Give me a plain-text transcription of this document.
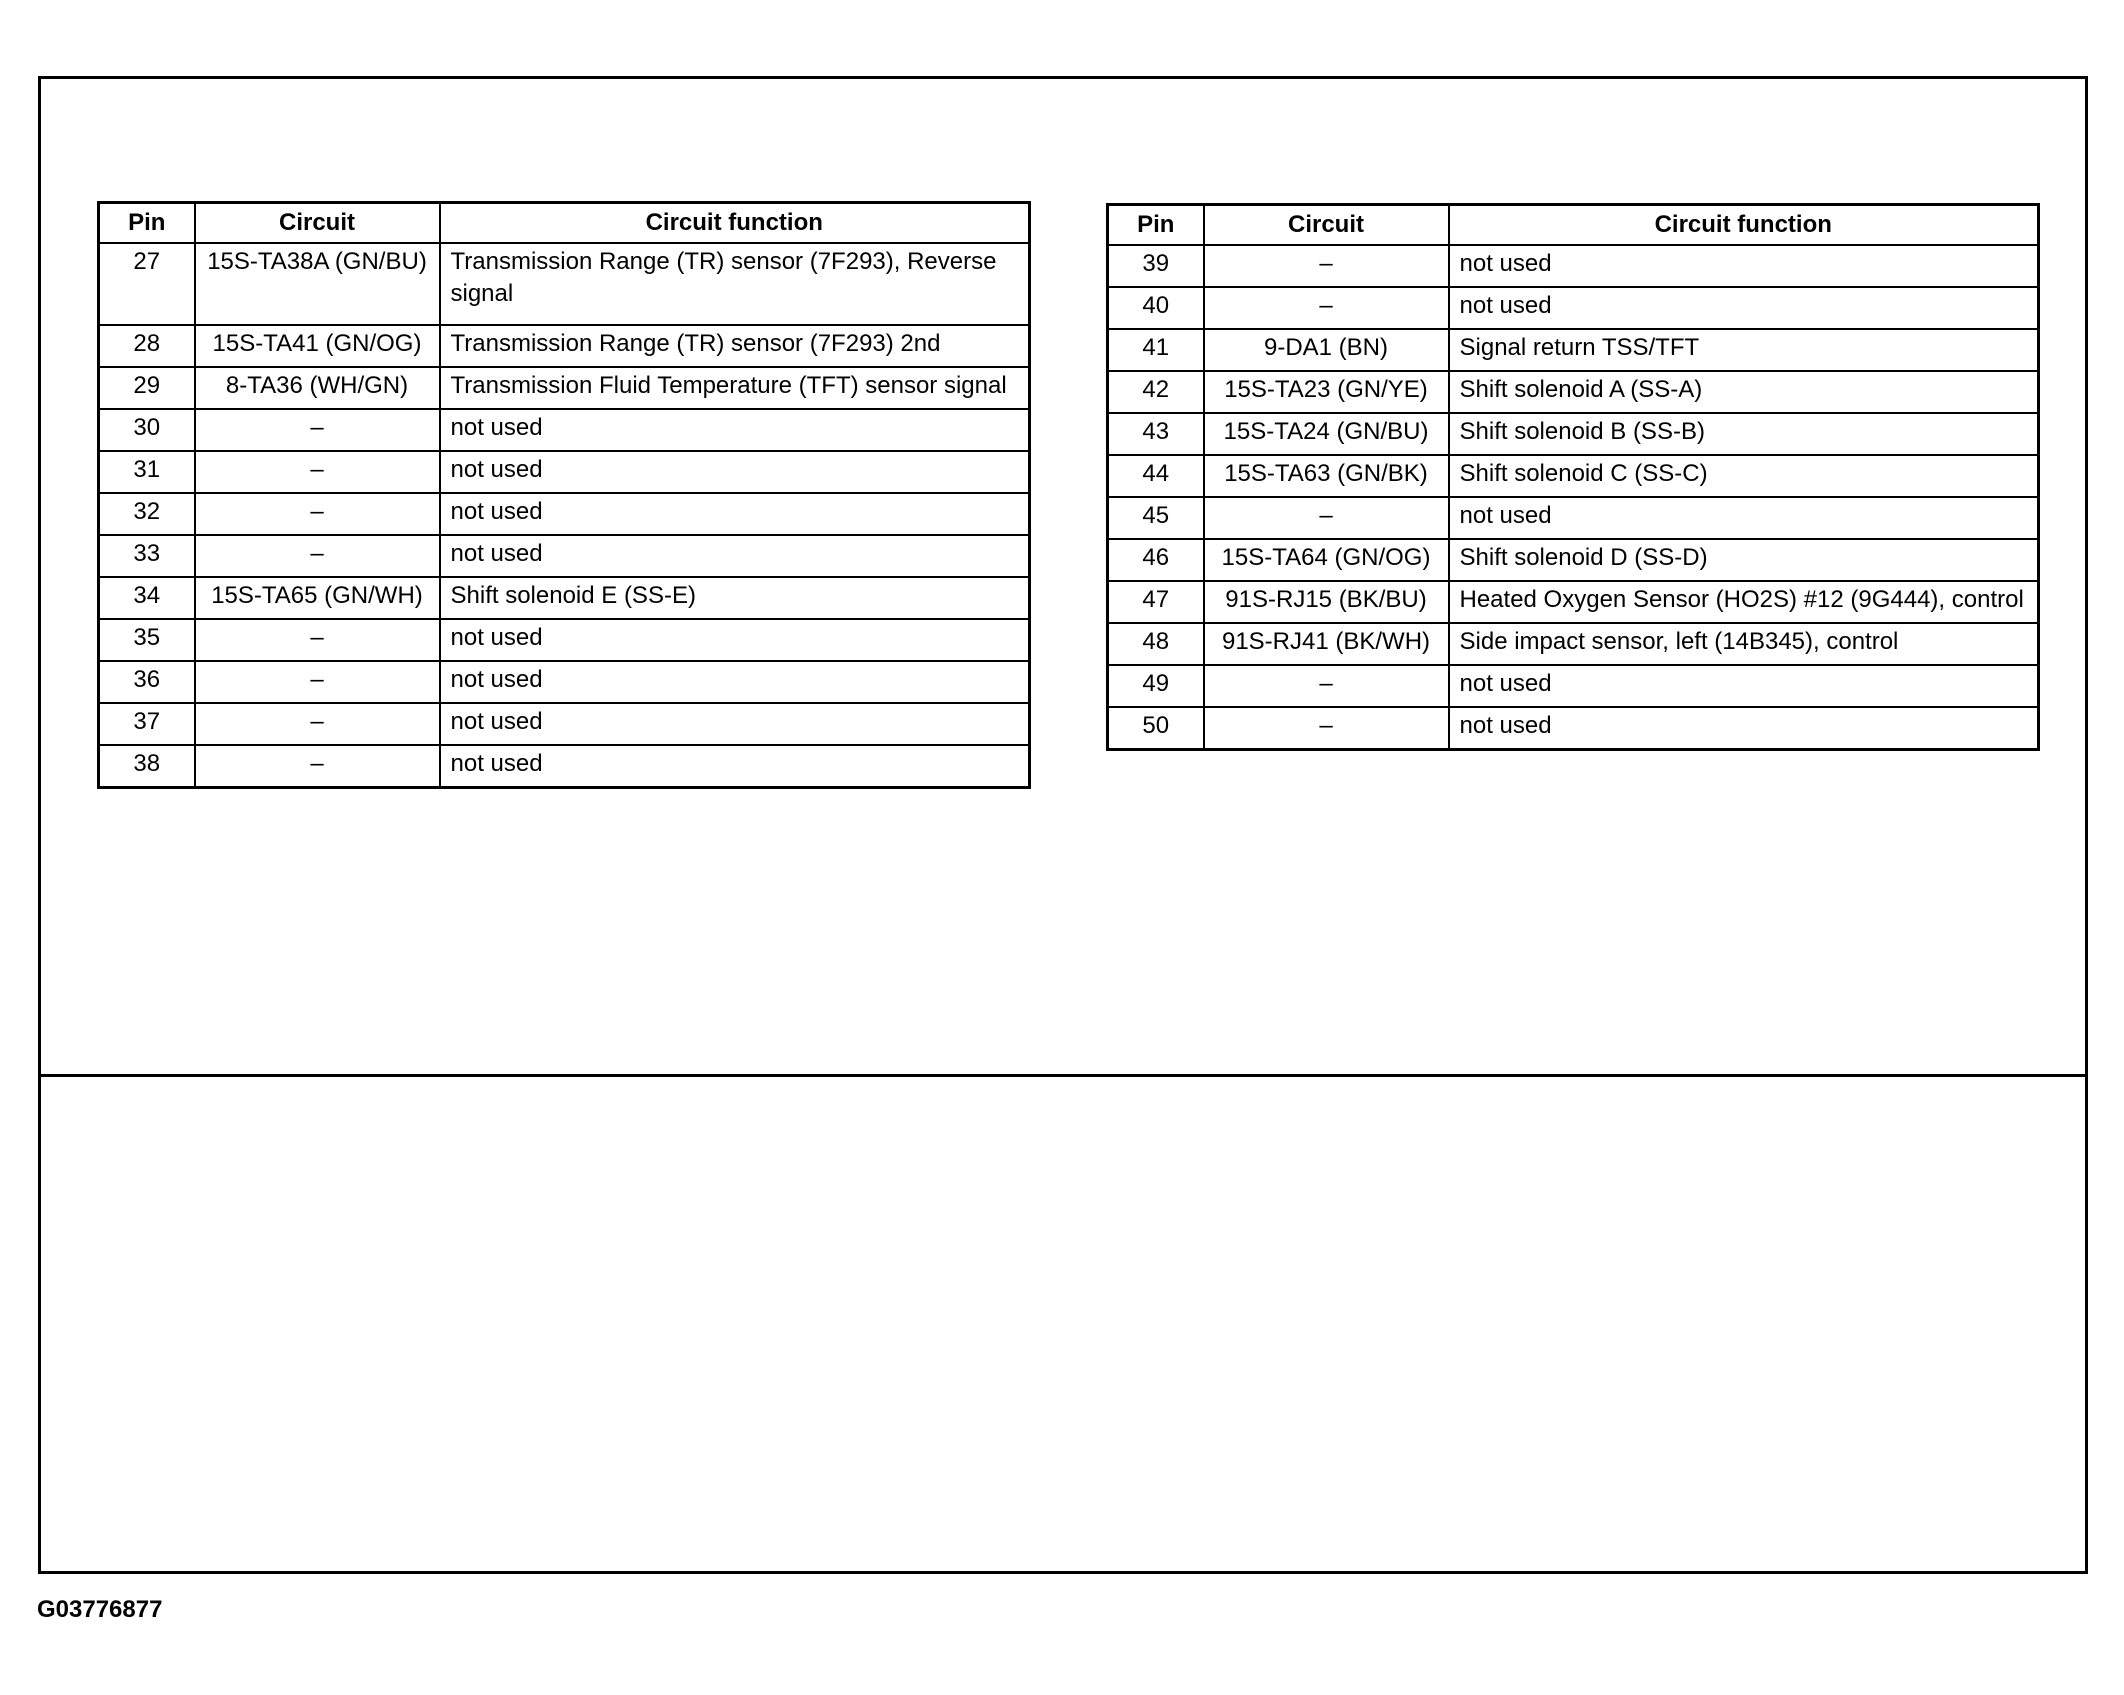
Pin	Circuit	Circuit function
27	15S-TA38A (GN/BU)	Transmission Range (TR) sensor (7F293), Reverse signal
28	15S-TA41 (GN/OG)	Transmission Range (TR) sensor (7F293) 2nd
29	8-TA36 (WH/GN)	Transmission Fluid Temperature (TFT) sensor signal
30	–	not used
31	–	not used
32	–	not used
33	–	not used
34	15S-TA65 (GN/WH)	Shift solenoid E (SS-E)
35	–	not used
36	–	not used
37	–	not used
38	–	not used
Pin	Circuit	Circuit function
39	–	not used
40	–	not used
41	9-DA1 (BN)	Signal return TSS/TFT
42	15S-TA23 (GN/YE)	Shift solenoid A (SS-A)
43	15S-TA24 (GN/BU)	Shift solenoid B (SS-B)
44	15S-TA63 (GN/BK)	Shift solenoid C (SS-C)
45	–	not used
46	15S-TA64 (GN/OG)	Shift solenoid D (SS-D)
47	91S-RJ15 (BK/BU)	Heated Oxygen Sensor (HO2S) #12 (9G444), control
48	91S-RJ41 (BK/WH)	Side impact sensor, left (14B345), control
49	–	not used
50	–	not used
G03776877
